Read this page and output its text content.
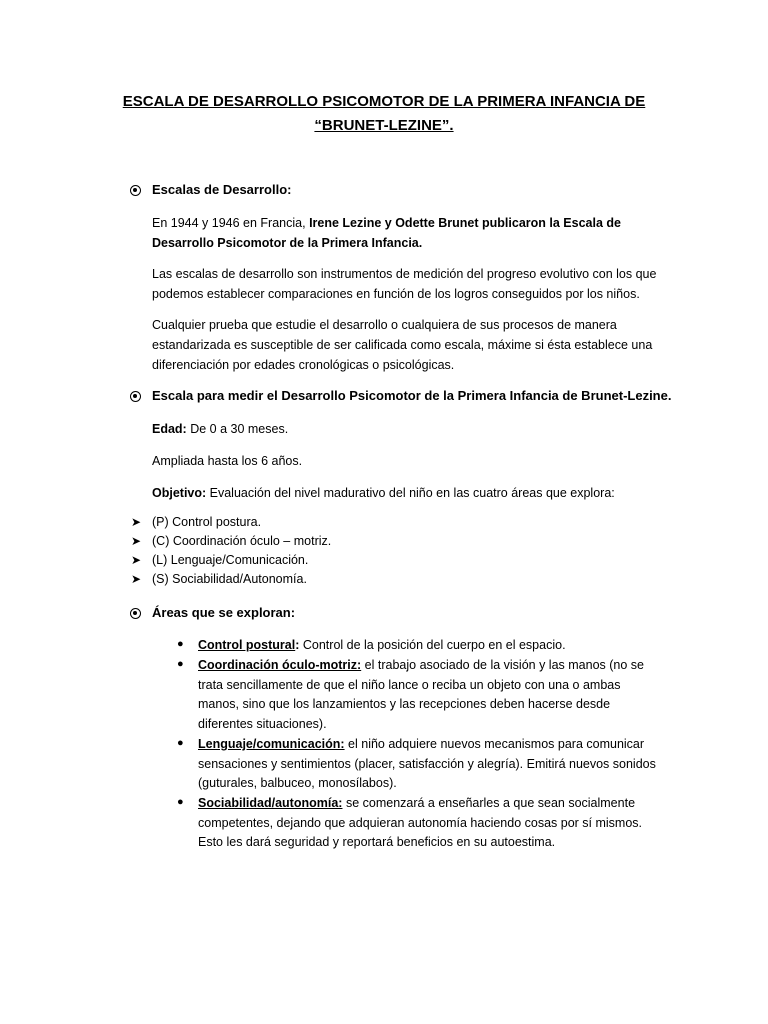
ESCALA DE DESARROLLO PSICOMOTOR DE LA PRIMERA INFANCIA DE
“BRUNET-LEZINE”.
Escalas de Desarrollo:
En 1944 y 1946 en Francia, Irene Lezine y Odette Brunet publicaron la Escala de
Desarrollo Psicomotor de la Primera Infancia.
Las escalas de desarrollo son instrumentos de medición del progreso evolutivo con los que
podemos establecer comparaciones en función de los logros conseguidos por los niños.
Cualquier prueba que estudie el desarrollo o cualquiera de sus procesos de manera
estandarizada es susceptible de ser calificada como escala, máxime si ésta establece una
diferenciación por edades cronológicas o psicológicas.
Escala para medir el Desarrollo Psicomotor de la Primera Infancia de Brunet-Lezine.
Edad: De 0 a 30 meses.
Ampliada hasta los 6 años.
Objetivo: Evaluación del nivel madurativo del niño en las cuatro áreas que explora:
➤ (P) Control postura.
➤ (C) Coordinación óculo – motriz.
➤ (L) Lenguaje/Comunicación.
➤ (S) Sociabilidad/Autonomía.
Áreas que se exploran:
● Control postural: Control de la posición del cuerpo en el espacio.
● Coordinación óculo-motriz: el trabajo asociado de la visión y las manos (no se
trata sencillamente de que el niño lance o reciba un objeto con una o ambas
manos, sino que los lanzamientos y las recepciones deben hacerse desde
diferentes situaciones).
● Lenguaje/comunicación: el niño adquiere nuevos mecanismos para comunicar
sensaciones y sentimientos (placer, satisfacción y alegría). Emitirá nuevos sonidos
(guturales, balbuceo, monosílabos).
● Sociabilidad/autonomía: se comenzará a enseñarles a que sean socialmente
competentes, dejando que adquieran autonomía haciendo cosas por sí mismos.
Esto les dará seguridad y reportará beneficios en su autoestima.
